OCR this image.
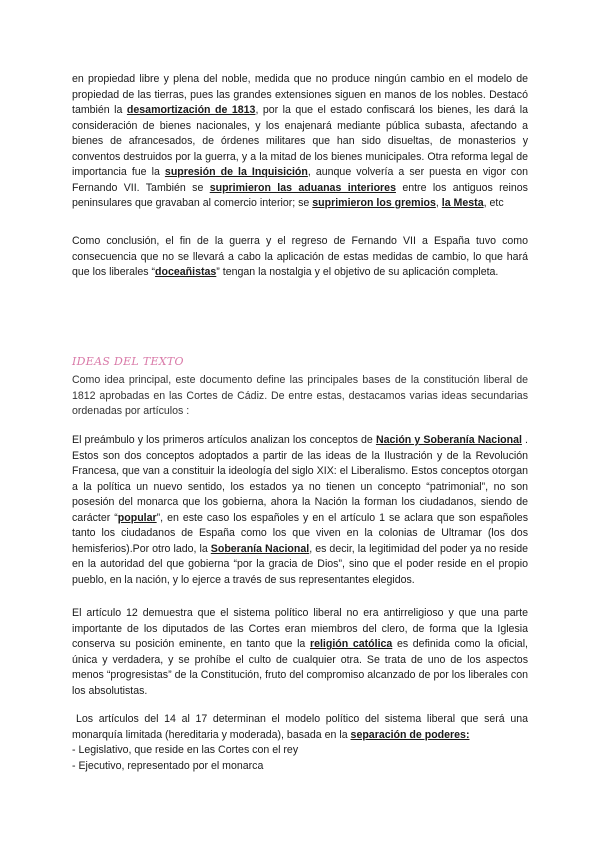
en propiedad libre y plena del noble, medida que no produce ningún cambio en el modelo de propiedad de las tierras, pues las grandes extensiones siguen en manos de los nobles. Destacó también la desamortización de 1813, por la que el estado confiscará los bienes, les dará la consideración de bienes nacionales, y los enajenará mediante pública subasta, afectando a bienes de afrancesados, de órdenes militares que han sido disueltas, de monasterios y conventos destruidos por la guerra, y a la mitad de los bienes municipales. Otra reforma legal de importancia fue la supresión de la Inquisición, aunque volvería a ser puesta en vigor con Fernando VII. También se suprimieron las aduanas interiores entre los antiguos reinos peninsulares que gravaban al comercio interior; se suprimieron los gremios, la Mesta, etc

Como conclusión, el fin de la guerra y el regreso de Fernando VII a España tuvo como consecuencia que no se llevará a cabo la aplicación de estas medidas de cambio, lo que hará que los liberales “doceañistas” tengan la nostalgia y el objetivo de su aplicación completa.

IDEAS DEL TEXTO

Como idea principal, este documento define las principales bases de la constitución liberal de 1812 aprobadas en las Cortes de Cádiz. De entre estas, destacamos varias ideas secundarias ordenadas por artículos :

El preámbulo y los primeros artículos analizan los conceptos de Nación y Soberanía Nacional . Estos son dos conceptos adoptados a partir de las ideas de la Ilustración y de la Revolución Francesa, que van a constituir la ideología del siglo XIX: el Liberalismo. Estos conceptos otorgan a la política un nuevo sentido, los estados ya no tienen un concepto “patrimonial”, no son posesión del monarca que los gobierna, ahora la Nación la forman los ciudadanos, siendo de carácter “popular”, en este caso los españoles y en el artículo 1 se aclara que son españoles tanto los ciudadanos de España como los que viven en la colonias de Ultramar (los dos hemisferios).Por otro lado, la Soberanía Nacional, es decir, la legitimidad del poder ya no reside en la autoridad del que gobierna “por la gracia de Dios”, sino que el poder reside en el propio pueblo, en la nación, y lo ejerce a través de sus representantes elegidos.

El artículo 12 demuestra que el sistema político liberal no era antirreligioso y que una parte importante de los diputados de las Cortes eran miembros del clero, de forma que la Iglesia conserva su posición eminente, en tanto que la religión católica es definida como la oficial, única y verdadera, y se prohíbe el culto de cualquier otra. Se trata de uno de los aspectos menos “progresistas” de la Constitución, fruto del compromiso alcanzado de por los liberales con los absolutistas.

Los artículos del 14 al 17 determinan el modelo político del sistema liberal que será una monarquía limitada (hereditaria y moderada), basada en la separación de poderes:

- Legislativo, que reside en las Cortes con el rey

- Ejecutivo, representado por el monarca
